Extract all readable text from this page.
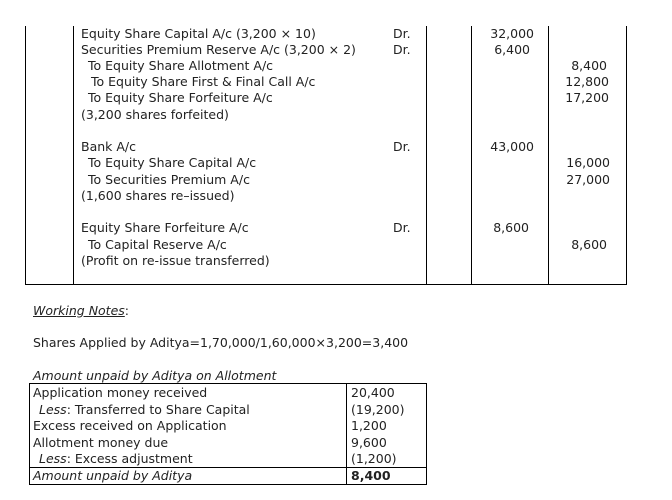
Equity Share Capital A/c (3,200 × 10)	Dr.	32,000
Securities Premium Reserve A/c (3,200 × 2)	Dr.	6,400
To Equity Share Allotment A/c	8,400
To Equity Share First & Final Call A/c	12,800
To Equity Share Forfeiture A/c	17,200
(3,200 shares forfeited)
Bank A/c	Dr.	43,000
To Equity Share Capital A/c	16,000
To Securities Premium A/c	27,000
(1,600 shares re–issued)
Equity Share Forfeiture A/c	Dr.	8,600
To Capital Reserve A/c	8,600
(Profit on re-issue transferred)
Working Notes:
Shares Applied by Aditya=1,70,000/1,60,000×3,200=3,400
Amount unpaid by Aditya on Allotment
Application money received	20,400
Less: Transferred to Share Capital	(19,200)
Excess received on Application	1,200
Allotment money due	9,600
Less: Excess adjustment	(1,200)
Amount unpaid by Aditya	8,400
